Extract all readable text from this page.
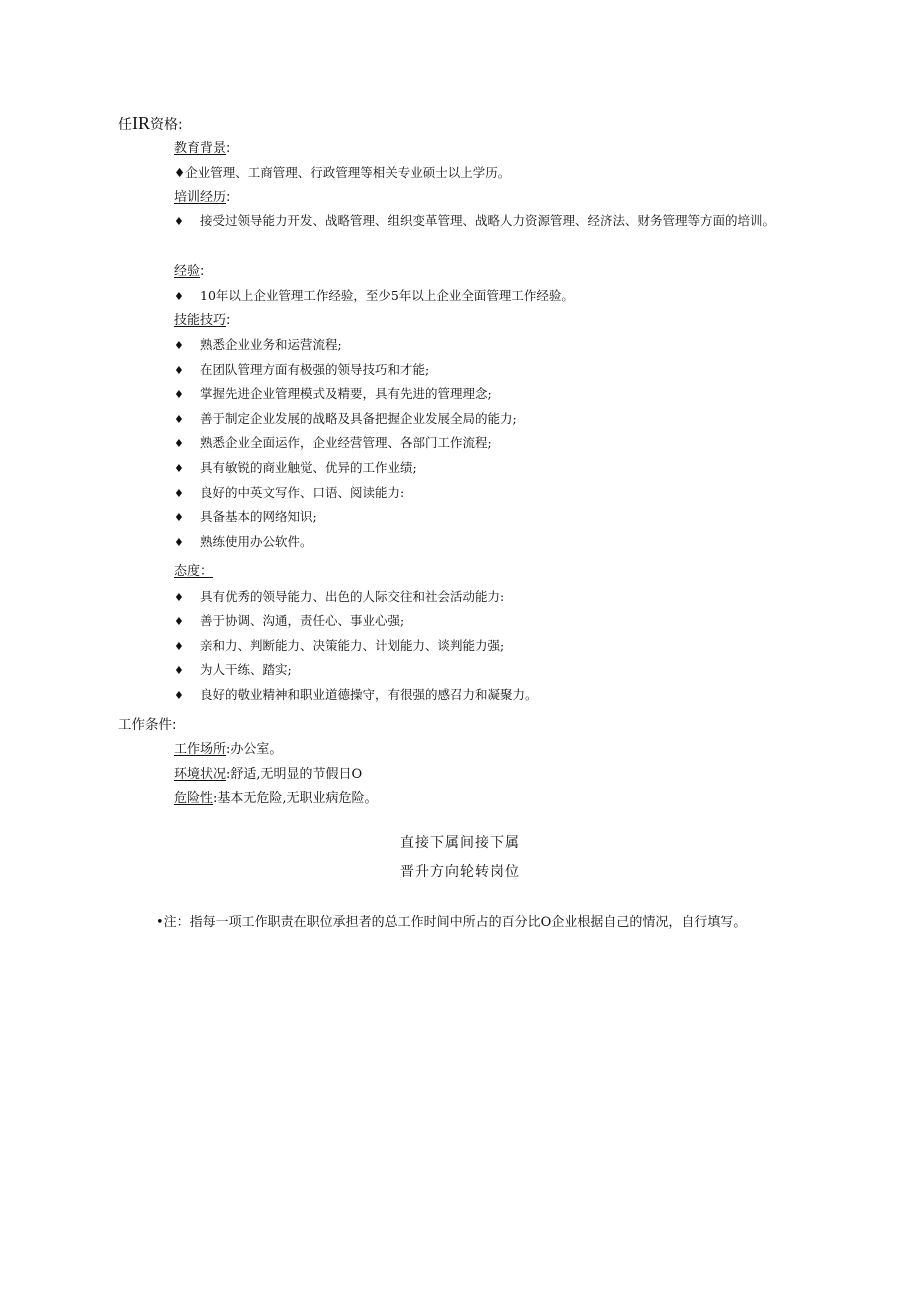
任IR资格:
教育背景:
♦企业管理、工商管理、行政管理等相关专业硕士以上学历。
培训经历:
♦ 接受过领导能力开发、战略管理、组织变革管理、战略人力资源管理、经济法、财务管理等方面的培训。
经验:
♦ 10年以上企业管理工作经验，至少5年以上企业全面管理工作经验。
技能技巧:
♦ 熟悉企业业务和运营流程;
♦ 在团队管理方面有极强的领导技巧和才能;
♦ 掌握先进企业管理模式及精要，具有先进的管理理念;
♦ 善于制定企业发展的战略及具备把握企业发展全局的能力;
♦ 熟悉企业全面运作，企业经营管理、各部门工作流程;
♦ 具有敏锐的商业触觉、优异的工作业绩;
♦ 良好的中英文写作、口语、阅读能力:
♦ 具备基本的网络知识;
♦ 熟练使用办公软件。
态度：
♦ 具有优秀的领导能力、出色的人际交往和社会活动能力:
♦ 善于协调、沟通，责任心、事业心强;
♦ 亲和力、判断能力、决策能力、计划能力、谈判能力强;
♦ 为人干练、踏实;
♦ 良好的敬业精神和职业道德操守，有很强的感召力和凝聚力。
工作条件:
工作场所:办公室。
环境状况:舒适,无明显的节假日O
危险性:基本无危险,无职业病危险。
直接下属间接下属
晋升方向轮转岗位
•注：指每一项工作职责在职位承担者的总工作时间中所占的百分比O企业根据自己的情况，自行填写。
